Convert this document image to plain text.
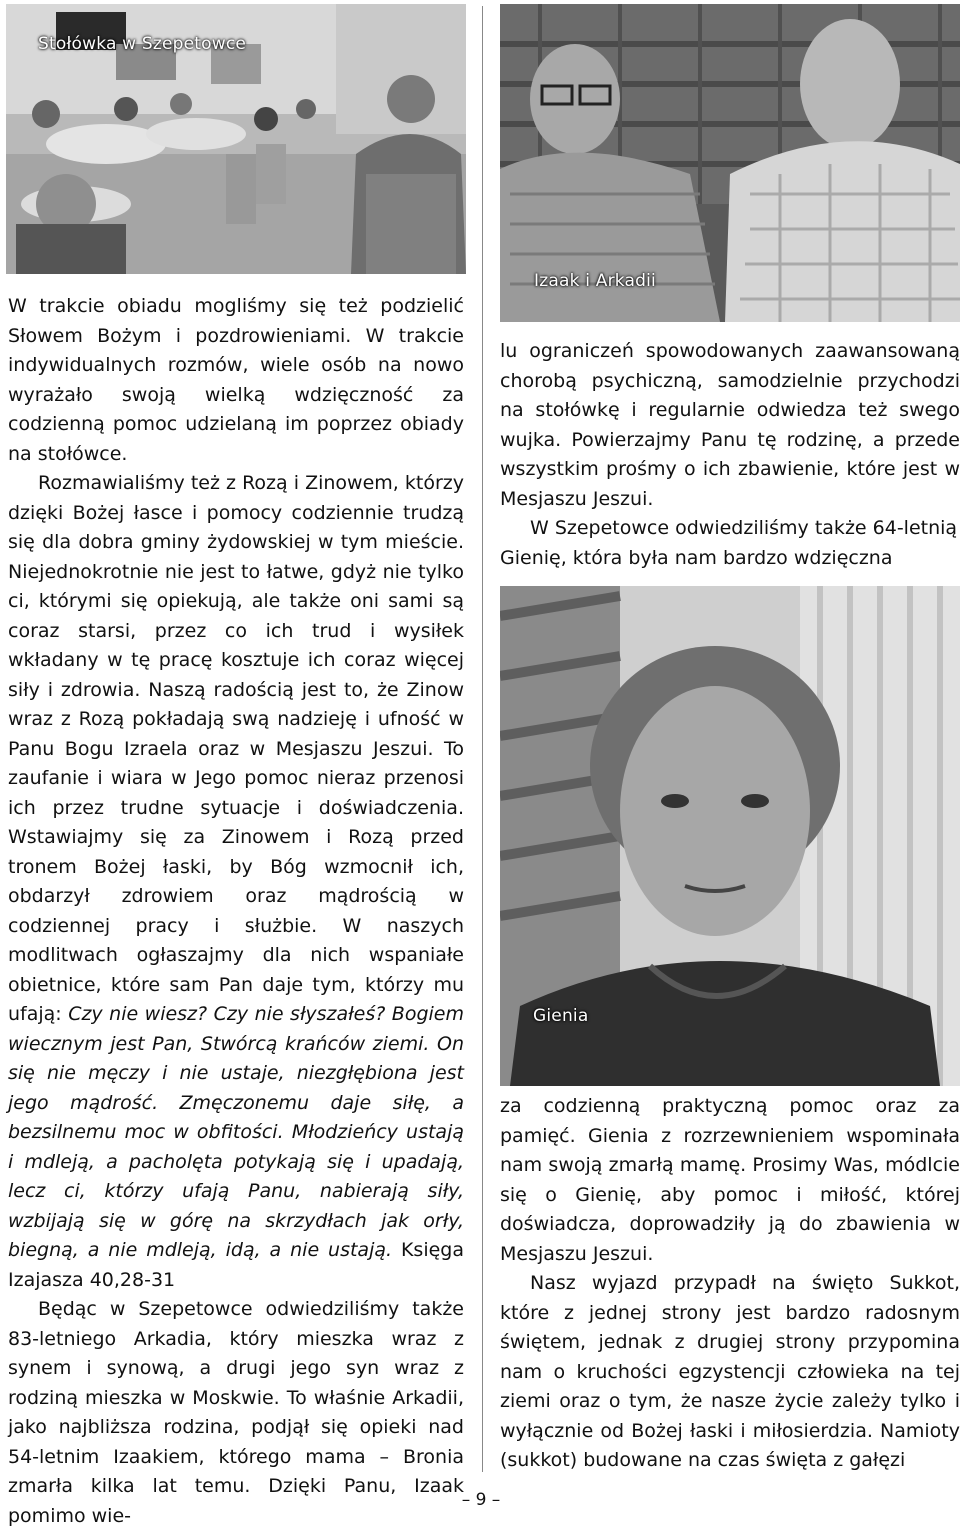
Stołówka w Szepetowce
Izaak i Arkadii
Gienia

W trakcie obiadu mogliśmy się też podzielić Słowem Bożym i pozdrowieniami. W trakcie indywidualnych rozmów, wiele osób na nowo wyrażało swoją wielką wdzięczność za codzienną pomoc udzielaną im poprzez obiady na stołówce.

Rozmawialiśmy też z Rozą i Zinowem, którzy dzięki Bożej łasce i pomocy codziennie trudzą się dla dobra gminy żydowskiej w tym mieście. Niejednokrotnie nie jest to łatwe, gdyż nie tylko ci, którymi się opiekują, ale także oni sami są coraz starsi, przez co ich trud i wysiłek wkładany w tę pracę kosztuje ich coraz więcej siły i zdrowia. Naszą radością jest to, że Zinow wraz z Rozą pokładają swą nadzieję i ufność w Panu Bogu Izraela oraz w Mesjaszu Jeszui. To zaufanie i wiara w Jego pomoc nieraz przenosi ich przez trudne sytuacje i doświadczenia. Wstawiajmy się za Zinowem i Rozą przed tronem Bożej łaski, by Bóg wzmocnił ich, obdarzył zdrowiem oraz mądrością w codziennej pracy i służbie. W naszych modlitwach ogłaszajmy dla nich wspaniałe obietnice, które sam Pan daje tym, którzy mu ufają: Czy nie wiesz? Czy nie słyszałeś? Bogiem wiecznym jest Pan, Stwórcą krańców ziemi. On się nie męczy i nie ustaje, niezgłębiona jest jego mądrość. Zmęczonemu daje siłę, a bezsilnemu moc w obfitości. Młodzieńcy ustają i mdleją, a pacholęta potykają się i upadają, lecz ci, którzy ufają Panu, nabierają siły, wzbijają się w górę na skrzydłach jak orły, biegną, a nie mdleją, idą, a nie ustają. Księga Izajasza 40,28-31

Będąc w Szepetowce odwiedziliśmy także 83-letniego Arkadia, który mieszka wraz z synem i synową, a drugi jego syn wraz z rodziną mieszka w Moskwie. To właśnie Arkadii, jako najbliższa rodzina, podjął się opieki nad 54-letnim Izaakiem, którego mama – Bronia zmarła kilka lat temu. Dzięki Panu, Izaak pomimo wie-

lu ograniczeń spowodowanych zaawansowaną chorobą psychiczną, samodzielnie przychodzi na stołówkę i regularnie odwiedza też swego wujka. Powierzajmy Panu tę rodzinę, a przede wszystkim prośmy o ich zbawienie, które jest w Mesjaszu Jeszui.

W Szepetowce odwiedziliśmy także 64-letnią Gienię, która była nam bardzo wdzięczna

za codzienną praktyczną pomoc oraz za pamięć. Gienia z rozrzewnieniem wspominała nam swoją zmarłą mamę. Prosimy Was, módlcie się o Gienię, aby pomoc i miłość, której doświadcza, doprowadziły ją do zbawienia w Mesjaszu Jeszui.

Nasz wyjazd przypadł na święto Sukkot, które z jednej strony jest bardzo radosnym świętem, jednak z drugiej strony przypomina nam o kruchości egzystencji człowieka na tej ziemi oraz o tym, że nasze życie zależy tylko i wyłącznie od Bożej łaski i miłosierdzia. Namioty (sukkot) budowane na czas święta z gałęzi

– 9 –
